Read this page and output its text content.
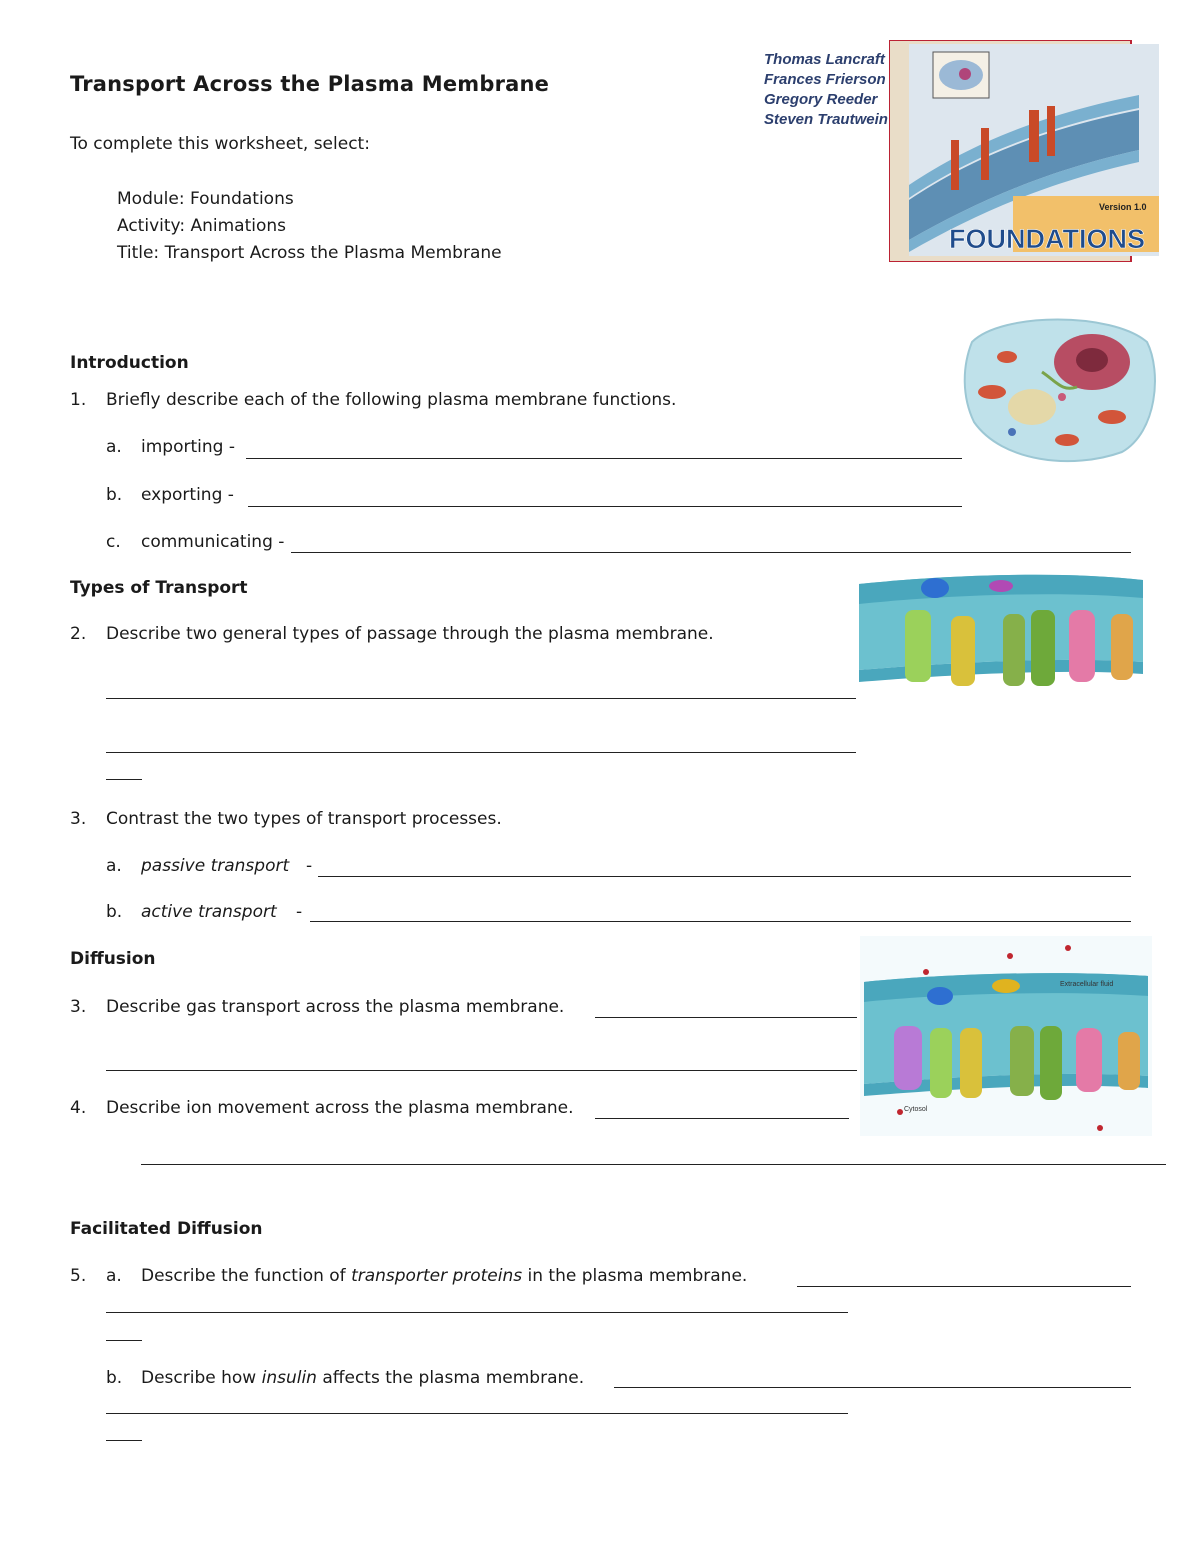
Transport Across the Plasma Membrane
To complete this worksheet, select:
Module: Foundations
Activity: Animations
Title: Transport Across the Plasma Membrane
Thomas Lancraft
Frances Frierson
Gregory Reeder
Steven Trautwein
Version 1.0
FOUNDATIONS
Introduction
1. Briefly describe each of the following plasma membrane functions.
a. importing -
b. exporting -
c. communicating -
Types of Transport
2. Describe two general types of passage through the plasma membrane.
3. Contrast the two types of transport processes.
a. passive transport -
b. active transport -
Diffusion
3. Describe gas transport across the plasma membrane.
4. Describe ion movement across the plasma membrane.
Extracellular fluid
Cytosol
Facilitated Diffusion
5. a. Describe the function of transporter proteins in the plasma membrane.
b. Describe how insulin affects the plasma membrane.
